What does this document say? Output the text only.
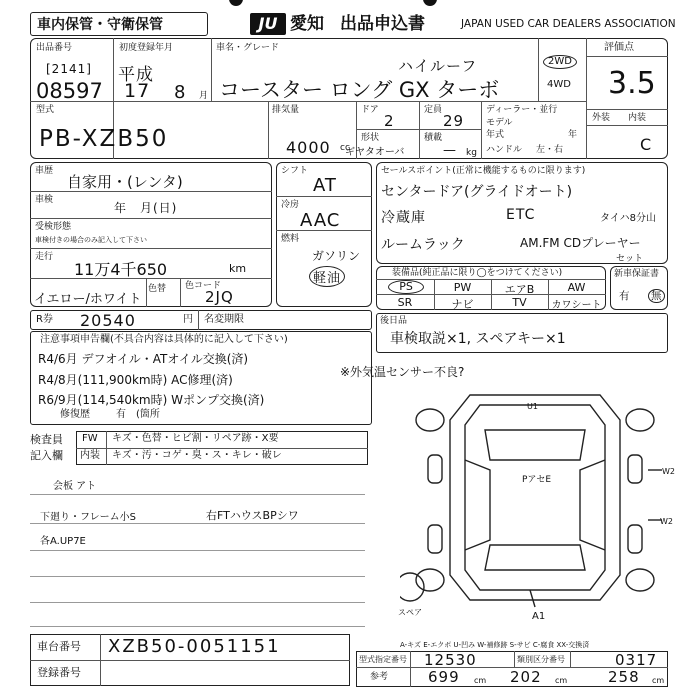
車内保管・守衛保管	JU 愛知 出品申込書	JAPAN USED CAR DEALERS ASSOCIATION
出品番号
[2141]
08597
初度登録年月
平成
17 8 月
車名・グレード
ハイルーフ
コースター ロング GX ターボ
2WD
4WD
評価点
3.5
外装 内装
B C
型式
PB-XZB50
排気量
4000 cc
ギヤタオーバ
ドア
2
定員
29
形状	積載
— kg
ディーラー・並行
モデル
年式	年
ハンドル 左・右
車歴
自家用・(レンタ)
車検
年　月(日)
受検形態
車検付きの場合のみ記入して下さい
走行
11万4千650	km
色替
イエロー/ホワイト
色コード
2JQ
シフト
AT
冷房
AAC
燃料
ガソリン
軽油
セールスポイント(正常に機能するものに限ります)
センタードア(グライドオート)
冷蔵庫	ETC	タイハ8分山
ルームラック	AM.FM CDプレーヤー
セット
装備品(純正品に限り◯をつけてください)
PS	PW	エアB	AW
SR	ナビ	TV	カワシート
新車保証書
有 無
R券 20540	円 名変期限
注意事項申告欄(不具合内容は具体的に記入して下さい)
R4/6月 デフオイル・ATオイル交換(済)
R4/8月(111,900km時) AC修理(済)
R6/9月(114,540km時) Wポンプ交換(済)
修復歴	有　(箇所
後日品
車検取説×1, スペアキー×1
※外気温センサー不良?
U1
PアセE
W2
W2
A1
スペア
A-キズ E-エクボ U-凹み W-補修跡 S-サビ C-腐食 XX-交換済
検査員
記入欄
FW キズ・色替・ヒビ割・リペア跡・X要
内装 キズ・汚・コゲ・臭・ス・キレ・破レ
会板 アト
下廻り・フレーム小S	右FTハウスBPシワ
各A.UP7E
車台番号 XZB50-0051151
登録番号
型式指定番号 12530	類別区分番号	0317
参考	699 cm 202 cm	258 cm
